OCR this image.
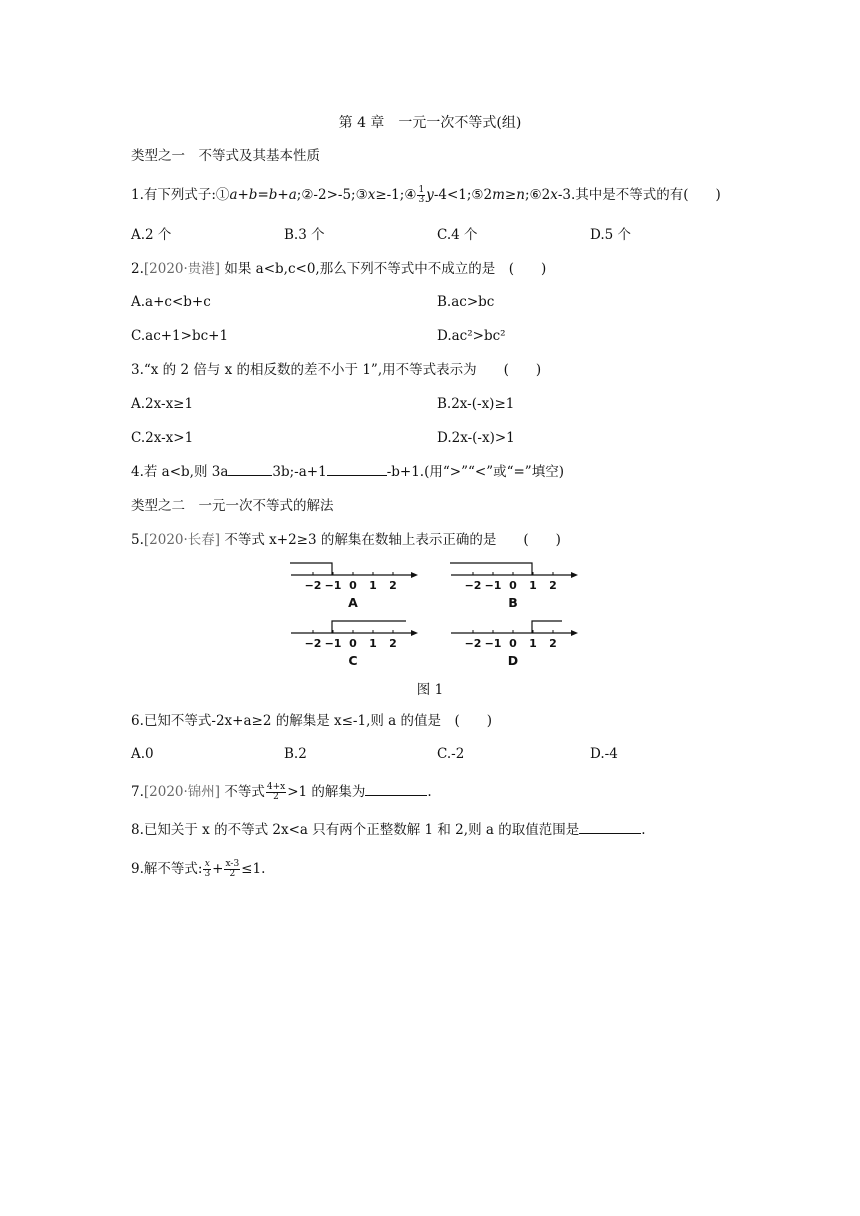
第 4 章　一元一次不等式(组)
类型之一　不等式及其基本性质
1.有下列式子:①a+b=b+a;②-2>-5;③x≥-1;④ $\frac{1}{3}$ y-4<1;⑤2m≥n;⑥2x-3.其中是不等式的有(　　)
A.2 个	B.3 个	C.4 个	D.5 个
2.[2020·贵港] 如果 a<b,c<0,那么下列不等式中不成立的是　(　　)
A.a+c<b+c	B.ac>bc
C.ac+1>bc+1	D.ac²>bc²
3.“x 的 2 倍与 x 的相反数的差不小于 1”,用不等式表示为　　(　　)
A.2x-x≥1	B.2x-(-x)≥1
C.2x-x>1	D.2x-(-x)>1
4.若 a<b,则 3a	3b;-a+1	-b+1.(用“>”“<”或“=”填空)
类型之二　一元一次不等式的解法
5.[2020·长春] 不等式 x+2≥3 的解集在数轴上表示正确的是　　(　　)
−2 −1 0 1 2
A
−2 −1 0 1 2
B
−2 −1 0 1 2
C
−2 −1 0 1 2
D
图 1
6.已知不等式-2x+a≥2 的解集是 x≤-1,则 a 的值是　(　　)
A.0	B.2	C.-2	D.-4
7.[2020·锦州] 不等式 $\frac{4+x}{2} >1$ 的解集为	.
8.已知关于 x 的不等式 2x<a 只有两个正整数解 1 和 2,则 a 的取值范围是	.
9.解不等式: $\frac{x}{3} + \frac{x-3}{2} \le 1$.
